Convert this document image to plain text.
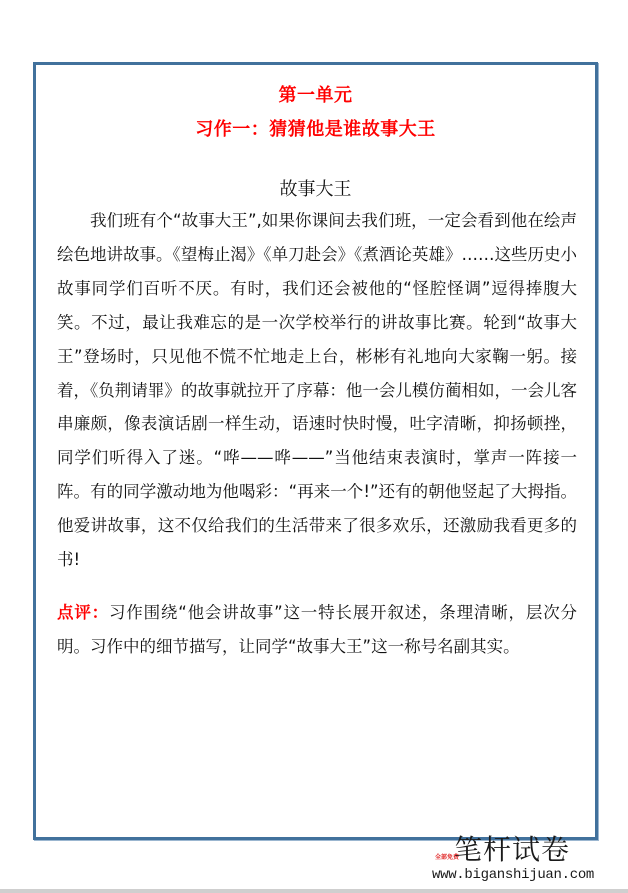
第一单元
习作一：猜猜他是谁故事大王
故事大王

我们班有个“故事大王”,如果你课间去我们班，一定会看到他在绘声绘色地讲故事。《望梅止渴》《单刀赴会》《煮酒论英雄》……这些历史小故事同学们百听不厌。有时，我们还会被他的“怪腔怪调”逗得捧腹大笑。不过，最让我难忘的是一次学校举行的讲故事比赛。轮到“故事大王”登场时，只见他不慌不忙地走上台，彬彬有礼地向大家鞠一躬。接着，《负荆请罪》的故事就拉开了序幕：他一会儿模仿蔺相如，一会儿客串廉颇，像表演话剧一样生动，语速时快时慢，吐字清晰，抑扬顿挫，同学们听得入了迷。“哗——哗——”当他结束表演时，掌声一阵接一阵。有的同学激动地为他喝彩：“再来一个!”还有的朝他竖起了大拇指。他爱讲故事，这不仅给我们的生活带来了很多欢乐，还激励我看更多的书!

点评：习作围绕“他会讲故事”这一特长展开叙述，条理清晰，层次分明。习作中的细节描写，让同学“故事大王”这一称号名副其实。

全部免费
笔杆试卷
www.biganshijuan.com
